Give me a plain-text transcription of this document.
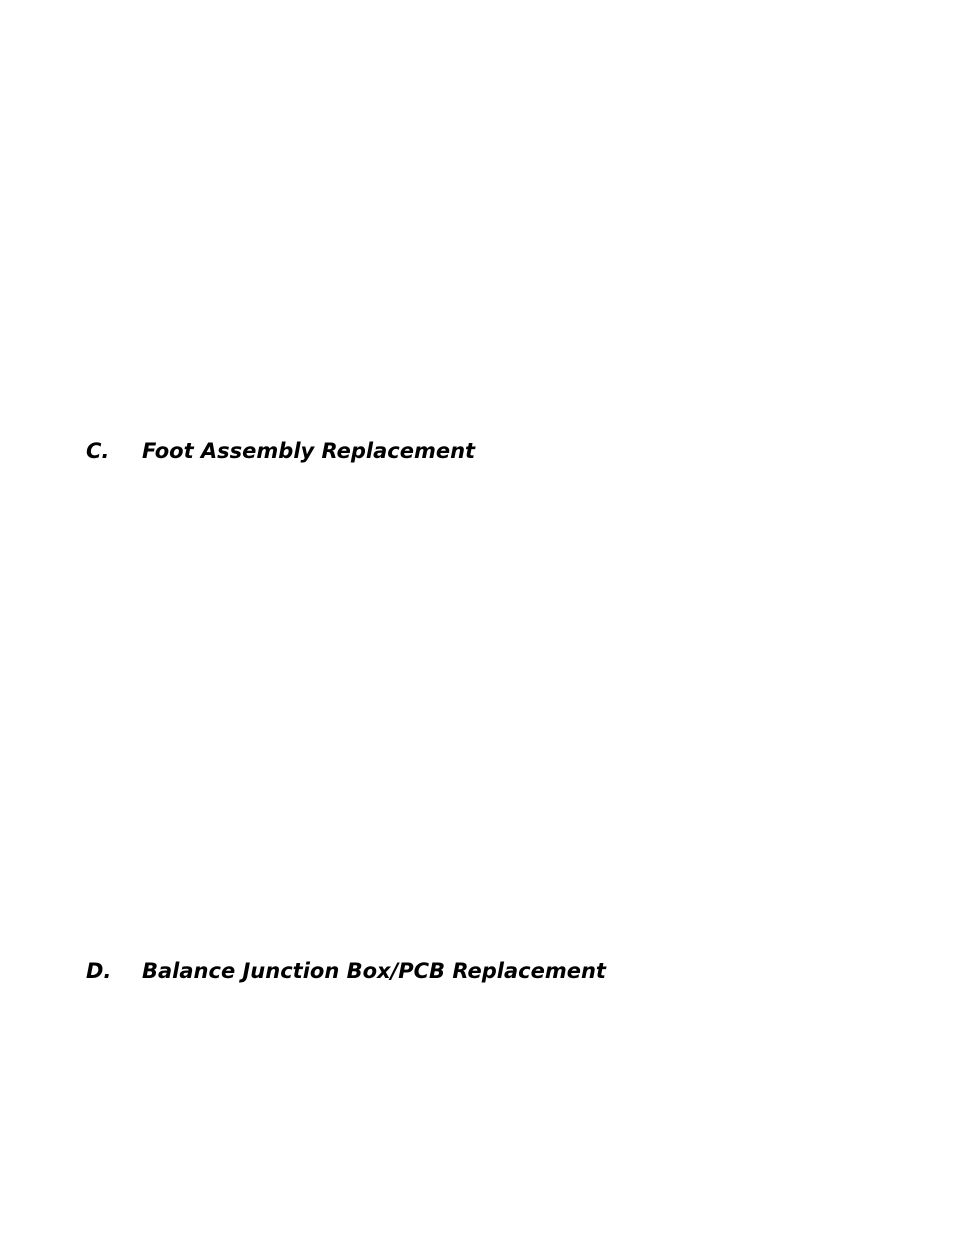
C.	Foot Assembly Replacement
D.	Balance Junction Box/PCB Replacement
